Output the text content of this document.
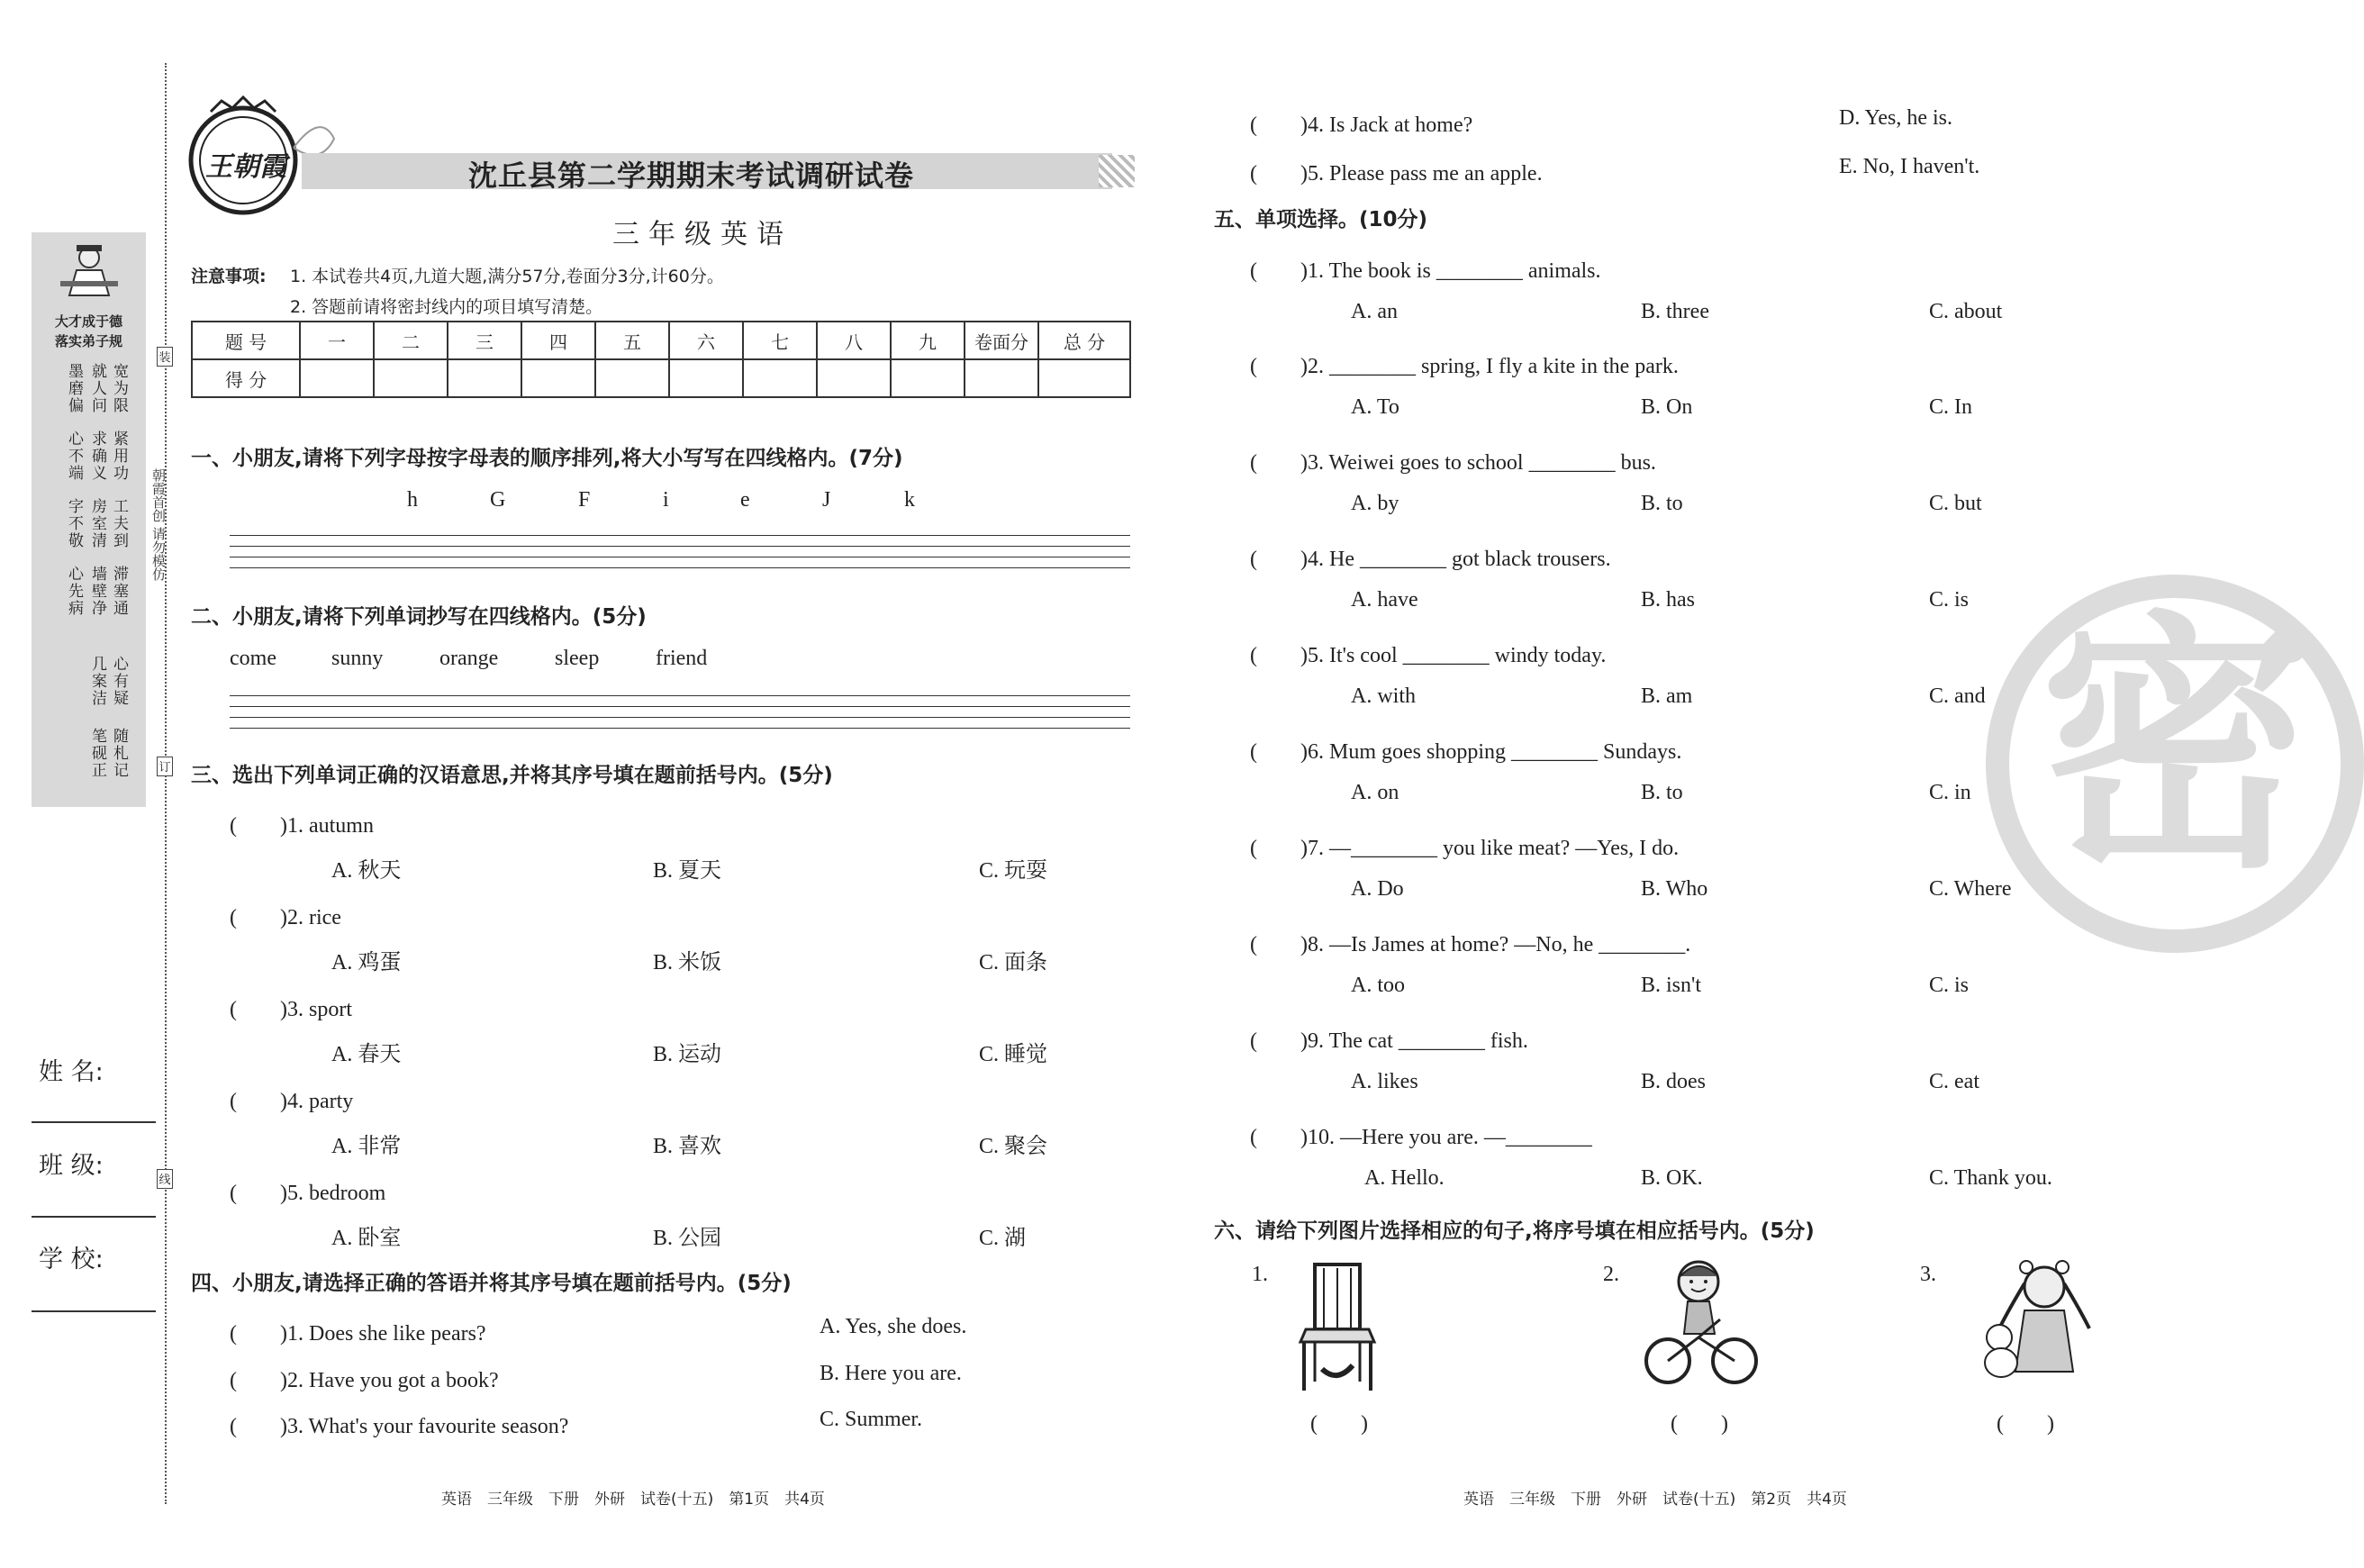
大才成于德
落实弟子规
宽为限
就人问
墨磨偏
紧用功
求确义
心不端
工夫到
房室清
字不敬
滞塞通
墙壁净
心先病
心有疑
几案洁
随札记
笔砚正
姓 名:
班 级:
学 校:
装
订
线
朝霞首创 请勿模仿
王朝霞	沈丘县第二学期期末考试调研试卷
三年级英语
注意事项: 1. 本试卷共4页,九道大题,满分57分,卷面分3分,计60分。
2. 答题前请将密封线内的项目填写清楚。
题 号	一	二	三	四	五	六	七	八	九	卷面分	总 分
得 分											
一、小朋友,请将下列字母按字母表的顺序排列,将大小写写在四线格内。(7分)
h	G	F	i	e	J	k
二、小朋友,请将下列单词抄写在四线格内。(5分)
come	sunny	orange	sleep	friend
三、选出下列单词正确的汉语意思,并将其序号填在题前括号内。(5分)
(　　)1. autumn
A. 秋天	B. 夏天	C. 玩耍
(　　)2. rice
A. 鸡蛋	B. 米饭	C. 面条
(　　)3. sport
A. 春天	B. 运动	C. 睡觉
(　　)4. party
A. 非常	B. 喜欢	C. 聚会
(　　)5. bedroom
A. 卧室	B. 公园	C. 湖
四、小朋友,请选择正确的答语并将其序号填在题前括号内。(5分)
(　　)1. Does she like pears?	A. Yes, she does.
(　　)2. Have you got a book?	B. Here you are.
(　　)3. What's your favourite season?	C. Summer.
英语　三年级　下册　外研　试卷(十五)　第1页　共4页
密
(　　)4. Is Jack at home?	D. Yes, he is.
(　　)5. Please pass me an apple.	E. No, I haven't.
五、单项选择。(10分)
(　　)1. The book is ________ animals.
A. an	B. three	C. about
(　　)2. ________ spring, I fly a kite in the park.
A. To	B. On	C. In
(　　)3. Weiwei goes to school ________ bus.
A. by	B. to	C. but
(　　)4. He ________ got black trousers.
A. have	B. has	C. is
(　　)5. It's cool ________ windy today.
A. with	B. am	C. and
(　　)6. Mum goes shopping ________ Sundays.
A. on	B. to	C. in
(　　)7. —________ you like meat? —Yes, I do.
A. Do	B. Who	C. Where
(　　)8. —Is James at home? —No, he ________.
A. too	B. isn't	C. is
(　　)9. The cat ________ fish.
A. likes	B. does	C. eat
(　　)10. —Here you are. —________
A. Hello.	B. OK.	C. Thank you.
六、请给下列图片选择相应的句子,将序号填在相应括号内。(5分)
1.
(　　)
2.
(　　)
3.
(　　)
英语　三年级　下册　外研　试卷(十五)　第2页　共4页
